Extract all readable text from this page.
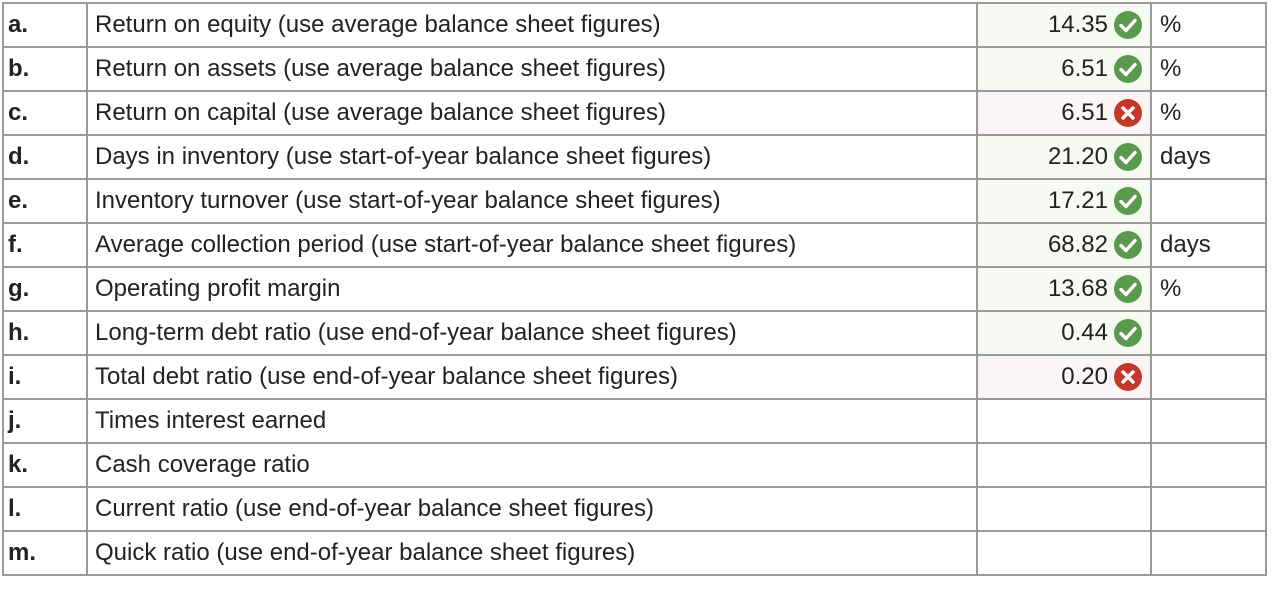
a.	Return on equity (use average balance sheet figures)	14.35	%
b.	Return on assets (use average balance sheet figures)	6.51	%
c.	Return on capital (use average balance sheet figures)	6.51	%
d.	Days in inventory (use start-of-year balance sheet figures)	21.20	days
e.	Inventory turnover (use start-of-year balance sheet figures)	17.21

f.	Average collection period (use start-of-year balance sheet figures)	68.82	days
g.	Operating profit margin	13.68	%
h.	Long-term debt ratio (use end-of-year balance sheet figures)	0.44

i.	Total debt ratio (use end-of-year balance sheet figures)	0.20

j.	Times interest earned		
k.	Cash coverage ratio		
l.	Current ratio (use end-of-year balance sheet figures)		
m.	Quick ratio (use end-of-year balance sheet figures)		
